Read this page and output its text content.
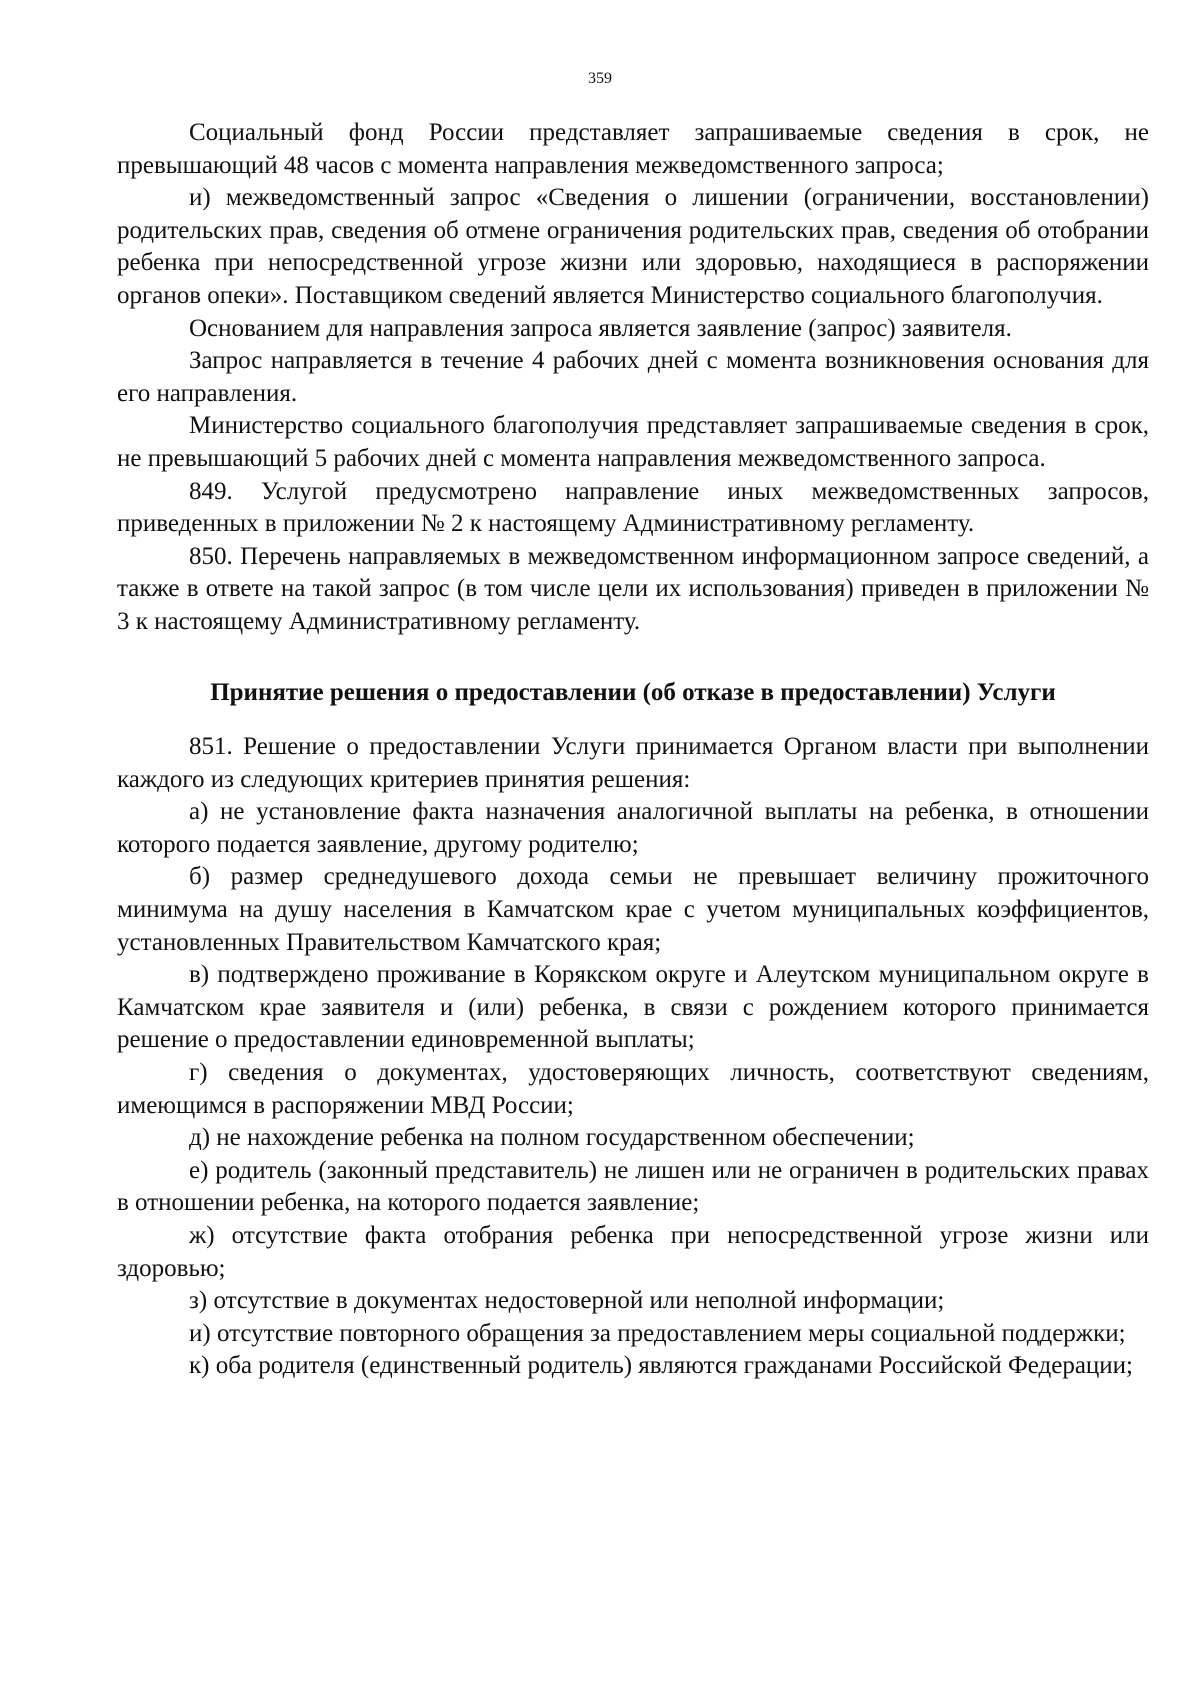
359

Социальный фонд России представляет запрашиваемые сведения в срок, не превышающий 48 часов с момента направления межведомственного запроса;

и) межведомственный запрос «Сведения о лишении (ограничении, восстановлении) родительских прав, сведения об отмене ограничения родительских прав, сведения об отобрании ребенка при непосредственной угрозе жизни или здоровью, находящиеся в распоряжении органов опеки». Поставщиком сведений является Министерство социального благополучия.

Основанием для направления запроса является заявление (запрос) заявителя.

Запрос направляется в течение 4 рабочих дней с момента возникновения основания для его направления.

Министерство социального благополучия представляет запрашиваемые сведения в срок, не превышающий 5 рабочих дней с момента направления межведомственного запроса.

849. Услугой предусмотрено направление иных межведомственных запросов, приведенных в приложении № 2 к настоящему Административному регламенту.

850. Перечень направляемых в межведомственном информационном запросе сведений, а также в ответе на такой запрос (в том числе цели их использования) приведен в приложении № 3 к настоящему Административному регламенту.

Принятие решения о предоставлении (об отказе в предоставлении) Услуги

851. Решение о предоставлении Услуги принимается Органом власти при выполнении каждого из следующих критериев принятия решения:

а) не установление факта назначения аналогичной выплаты на ребенка, в отношении которого подается заявление, другому родителю;

б) размер среднедушевого дохода семьи не превышает величину прожиточного минимума на душу населения в Камчатском крае с учетом муниципальных коэффициентов, установленных Правительством Камчатского края;

в) подтверждено проживание в Корякском округе и Алеутском муниципальном округе в Камчатском крае заявителя и (или) ребенка, в связи с рождением которого принимается решение о предоставлении единовременной выплаты;

г) сведения о документах, удостоверяющих личность, соответствуют сведениям, имеющимся в распоряжении МВД России;

д) не нахождение ребенка на полном государственном обеспечении;

е) родитель (законный представитель) не лишен или не ограничен в родительских правах в отношении ребенка, на которого подается заявление;

ж) отсутствие факта отобрания ребенка при непосредственной угрозе жизни или здоровью;

з) отсутствие в документах недостоверной или неполной информации;

и) отсутствие повторного обращения за предоставлением меры социальной поддержки;

к) оба родителя (единственный родитель) являются гражданами Российской Федерации;
